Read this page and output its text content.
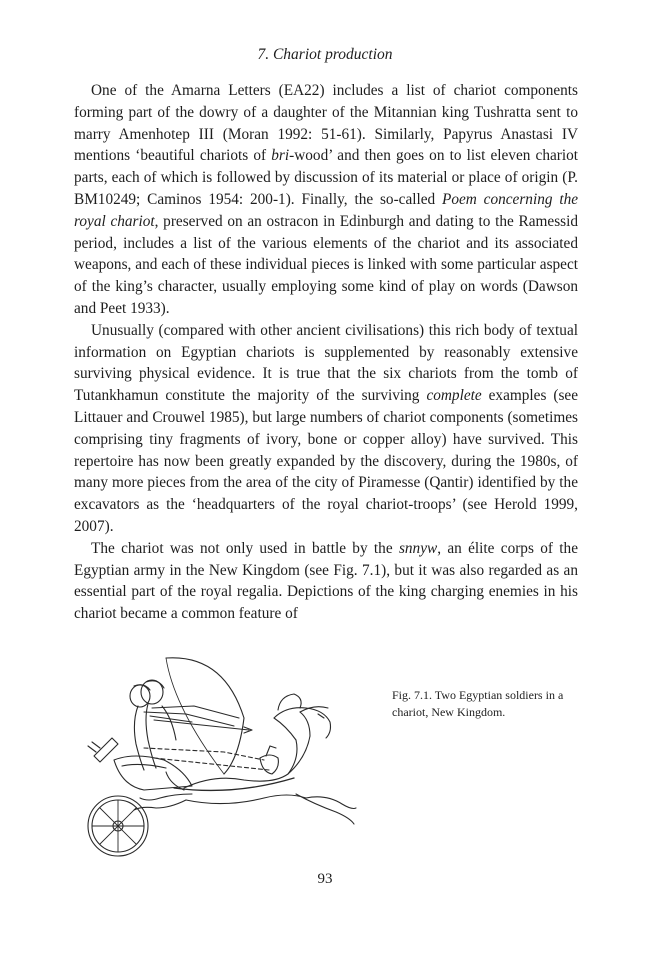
7. Chariot production

One of the Amarna Letters (EA22) includes a list of chariot components forming part of the dowry of a daughter of the Mitannian king Tushratta sent to marry Amenhotep III (Moran 1992: 51-61). Similarly, Papyrus Anastasi IV mentions ‘beautiful chariots of bri-wood’ and then goes on to list eleven chariot parts, each of which is followed by discussion of its material or place of origin (P. BM10249; Caminos 1954: 200-1). Finally, the so-called Poem concerning the royal chariot, preserved on an ostracon in Edinburgh and dating to the Ramessid period, includes a list of the various elements of the chariot and its associated weapons, and each of these individual pieces is linked with some particular aspect of the king’s character, usually employing some kind of play on words (Dawson and Peet 1933).

Unusually (compared with other ancient civilisations) this rich body of textual information on Egyptian chariots is supplemented by reasonably extensive surviving physical evidence. It is true that the six chariots from the tomb of Tutankhamun constitute the majority of the surviving complete examples (see Littauer and Crouwel 1985), but large numbers of chariot components (sometimes comprising tiny fragments of ivory, bone or copper alloy) have survived. This repertoire has now been greatly expanded by the discovery, during the 1980s, of many more pieces from the area of the city of Piramesse (Qantir) identified by the excavators as the ‘headquarters of the royal chariot-troops’ (see Herold 1999, 2007).

The chariot was not only used in battle by the snnyw, an élite corps of the Egyptian army in the New Kingdom (see Fig. 7.1), but it was also regarded as an essential part of the royal regalia. Depictions of the king charging enemies in his chariot became a common feature of

Fig. 7.1. Two Egyptian soldiers in a chariot, New Kingdom.
93
